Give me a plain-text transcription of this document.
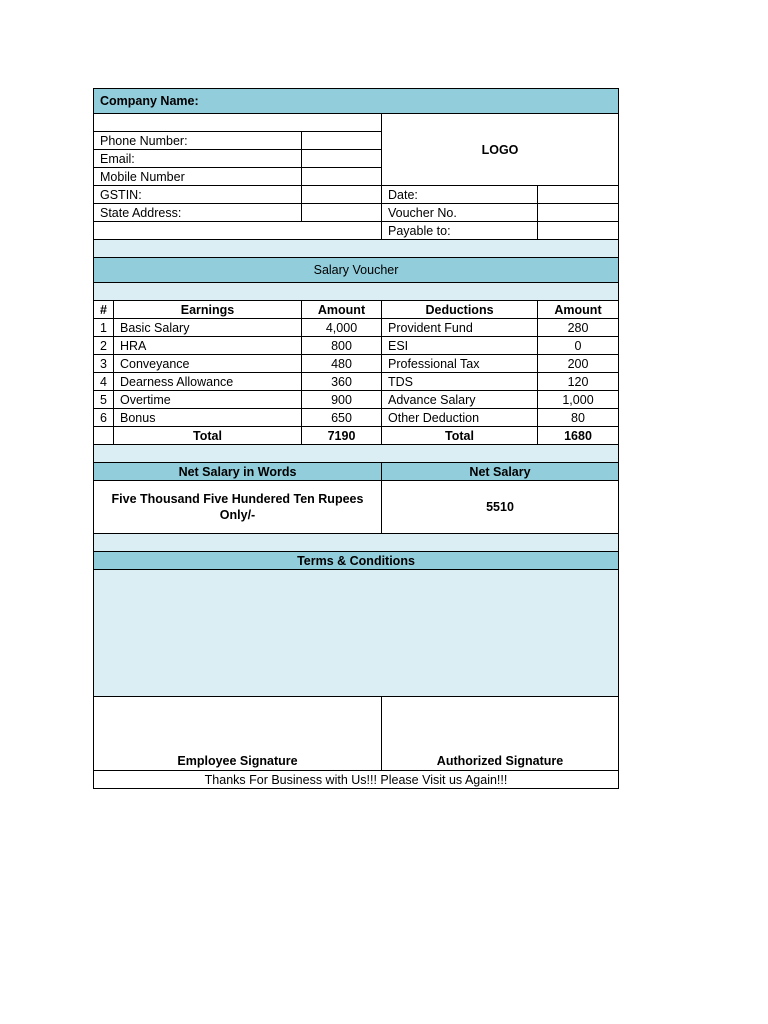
Company Name:				
			LOGO	
Phone Number:				
Email:				
Mobile Number				
GSTIN:			Date:	
State Address:			Voucher No.	
			Payable to:	

Salary Voucher				

#	Earnings	Amount	Deductions	Amount
1	Basic Salary	4,000	Provident Fund	280
2	HRA	800	ESI	0
3	Conveyance	480	Professional Tax	200
4	Dearness Allowance	360	TDS	120
5	Overtime	900	Advance Salary	1,000
6	Bonus	650	Other Deduction	80
	Total	7190	Total	1680

Net Salary in Words			Net Salary	
Five Thousand Five Hundered Ten Rupees Only/-			5510	

Terms & Conditions				

Employee Signature			Authorized Signature	
Thanks For Business with Us!!! Please Visit us Again!!!				
